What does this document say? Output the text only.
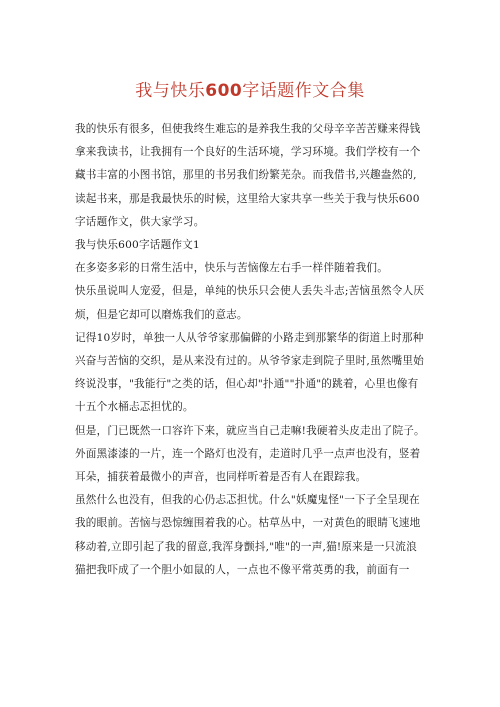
我与快乐600字话题作文合集

我的快乐有很多，但使我终生难忘的是养我生我的父母辛辛苦苦赚来得钱拿来我读书，让我拥有一个良好的生活环境，学习环境。我们学校有一个藏书丰富的小图书馆，那里的书另我们纷繁芜杂。而我借书,兴趣盎然的,读起书来，那是我最快乐的时候，这里给大家共享一些关于我与快乐600字话题作文，供大家学习。

我与快乐600字话题作文1

在多姿多彩的日常生活中，快乐与苦恼像左右手一样伴随着我们。

快乐虽说叫人宠爱，但是，单纯的快乐只会使人丢失斗志;苦恼虽然令人厌烦，但是它却可以磨炼我们的意志。

记得10岁时，单独一人从爷爷家那偏僻的小路走到那繁华的街道上时那种兴奋与苦恼的交织，是从来没有过的。从爷爷家走到院子里时,虽然嘴里始终说没事，"我能行"之类的话，但心却"扑通""扑通"的跳着，心里也像有十五个水桶忐忑担忧的。

但是，门已既然一口容许下来，就应当自己走嘛!我硬着头皮走出了院子。外面黑漆漆的一片，连一个路灯也没有，走道时几乎一点声也没有，竖着耳朵，捕获着最微小的声音，也同样听着是否有人在跟踪我。

虽然什么也没有，但我的心仍忐忑担忧。什么"妖魔鬼怪"一下子全呈现在我的眼前。苦恼与恐惊缠围着我的心。枯草丛中，一对黄色的眼睛飞速地移动着,立即引起了我的留意,我浑身颤抖,"唯"的一声,猫!原来是一只流浪猫把我吓成了一个胆小如鼠的人，一点也不像平常英勇的我，前面有一
